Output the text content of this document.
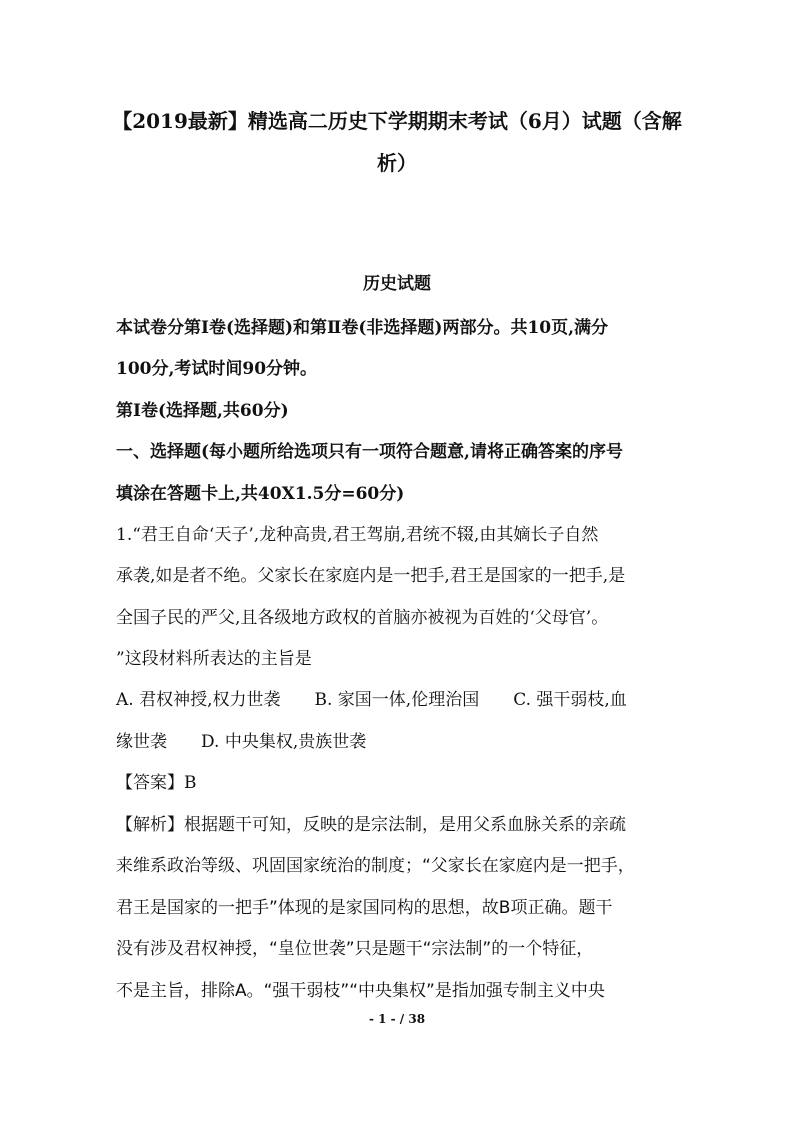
【2019最新】精选高二历史下学期期末考试（6月）试题（含解析）
历史试题
本试卷分第Ⅰ卷(选择题)和第Ⅱ卷(非选择题)两部分。共10页,满分
100分,考试时间90分钟。
第Ⅰ卷(选择题,共60分)
一、选择题(每小题所给选项只有一项符合题意,请将正确答案的序号
填涂在答题卡上,共40X1.5分=60分)
1.“君王自命‘天子’,龙种高贵,君王驾崩,君统不辍,由其嫡长子自然
承袭,如是者不绝。父家长在家庭内是一把手,君王是国家的一把手,是
全国子民的严父,且各级地方政权的首脑亦被视为百姓的‘父母官’。
”这段材料所表达的主旨是
A. 君权神授,权力世袭 B. 家国一体,伦理治国 C. 强干弱枝,血
缘世袭 D. 中央集权,贵族世袭
【答案】B
【解析】根据题干可知，反映的是宗法制，是用父系血脉关系的亲疏
来维系政治等级、巩固国家统治的制度；“父家长在家庭内是一把手，
君王是国家的一把手”体现的是家国同构的思想，故B项正确。题干
没有涉及君权神授，“皇位世袭”只是题干“宗法制”的一个特征，
不是主旨，排除A。“强干弱枝”“中央集权”是指加强专制主义中央
- 1 - / 38
